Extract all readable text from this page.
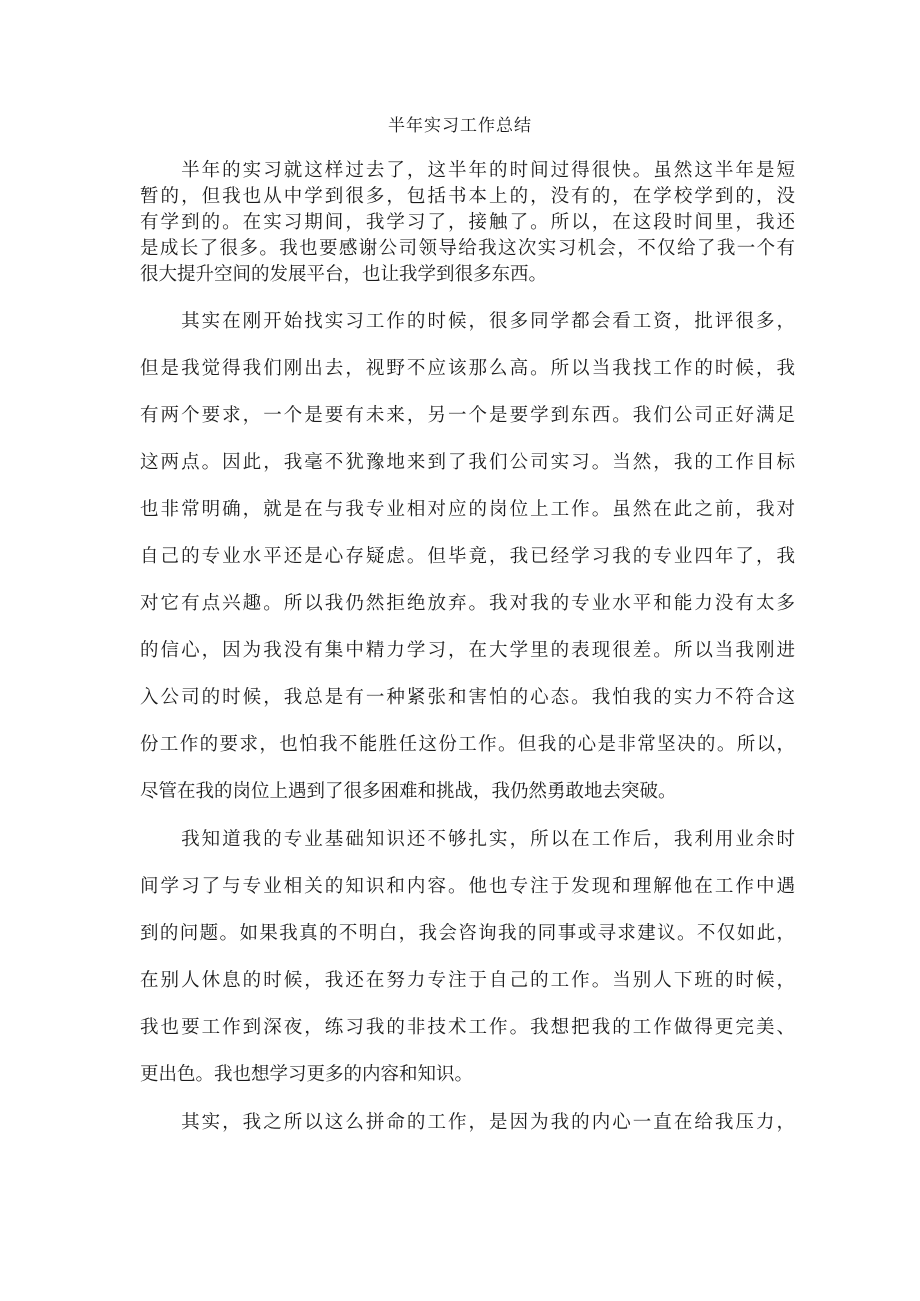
半年实习工作总结
　　半年的实习就这样过去了，这半年的时间过得很快。虽然这半年是短
暂的，但我也从中学到很多，包括书本上的，没有的，在学校学到的，没
有学到的。在实习期间，我学习了，接触了。所以，在这段时间里，我还
是成长了很多。我也要感谢公司领导给我这次实习机会，不仅给了我一个有
很大提升空间的发展平台，也让我学到很多东西。
　　其实在刚开始找实习工作的时候，很多同学都会看工资，批评很多，
但是我觉得我们刚出去，视野不应该那么高。所以当我找工作的时候，我
有两个要求，一个是要有未来，另一个是要学到东西。我们公司正好满足
这两点。因此，我毫不犹豫地来到了我们公司实习。当然，我的工作目标
也非常明确，就是在与我专业相对应的岗位上工作。虽然在此之前，我对
自己的专业水平还是心存疑虑。但毕竟，我已经学习我的专业四年了，我
对它有点兴趣。所以我仍然拒绝放弃。我对我的专业水平和能力没有太多
的信心，因为我没有集中精力学习，在大学里的表现很差。所以当我刚进
入公司的时候，我总是有一种紧张和害怕的心态。我怕我的实力不符合这
份工作的要求，也怕我不能胜任这份工作。但我的心是非常坚决的。所以，
尽管在我的岗位上遇到了很多困难和挑战，我仍然勇敢地去突破。
　　我知道我的专业基础知识还不够扎实，所以在工作后，我利用业余时
间学习了与专业相关的知识和内容。他也专注于发现和理解他在工作中遇
到的问题。如果我真的不明白，我会咨询我的同事或寻求建议。不仅如此，
在别人休息的时候，我还在努力专注于自己的工作。当别人下班的时候，
我也要工作到深夜，练习我的非技术工作。我想把我的工作做得更完美、
更出色。我也想学习更多的内容和知识。
　　其实，我之所以这么拼命的工作，是因为我的内心一直在给我压力，
